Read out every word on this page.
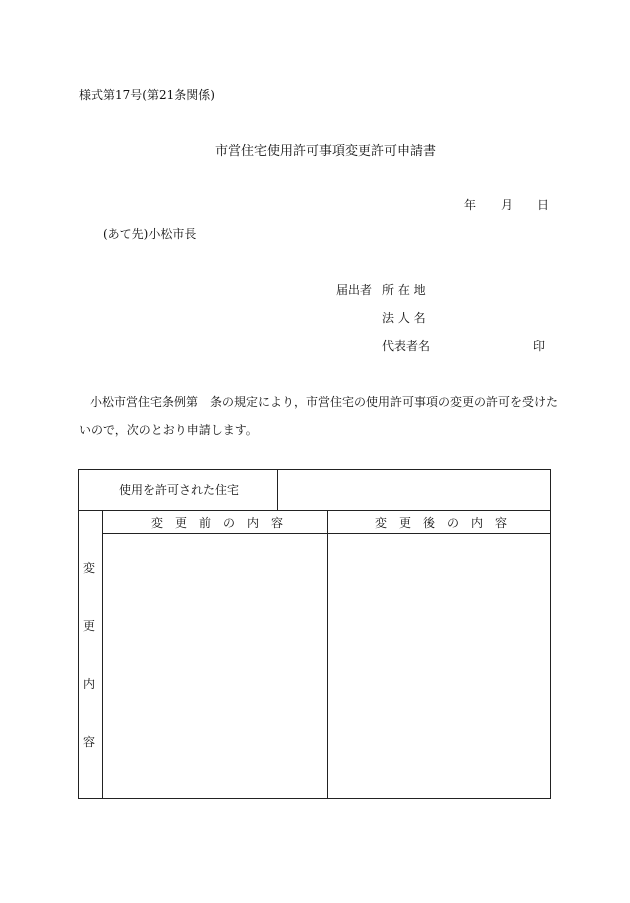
様式第17号(第21条関係)
市営住宅使用許可事項変更許可申請書
年 月 日
(あて先)小松市長
届出者 所 在 地
法 人 名
代表者名	印
小松市営住宅条例第　条の規定により，市営住宅の使用許可事項の変更の許可を受けた
いので，次のとおり申請します。
使用を許可された住宅
変　更　前　の　内　容	変　更　後　の　内　容
変
更
内
容
